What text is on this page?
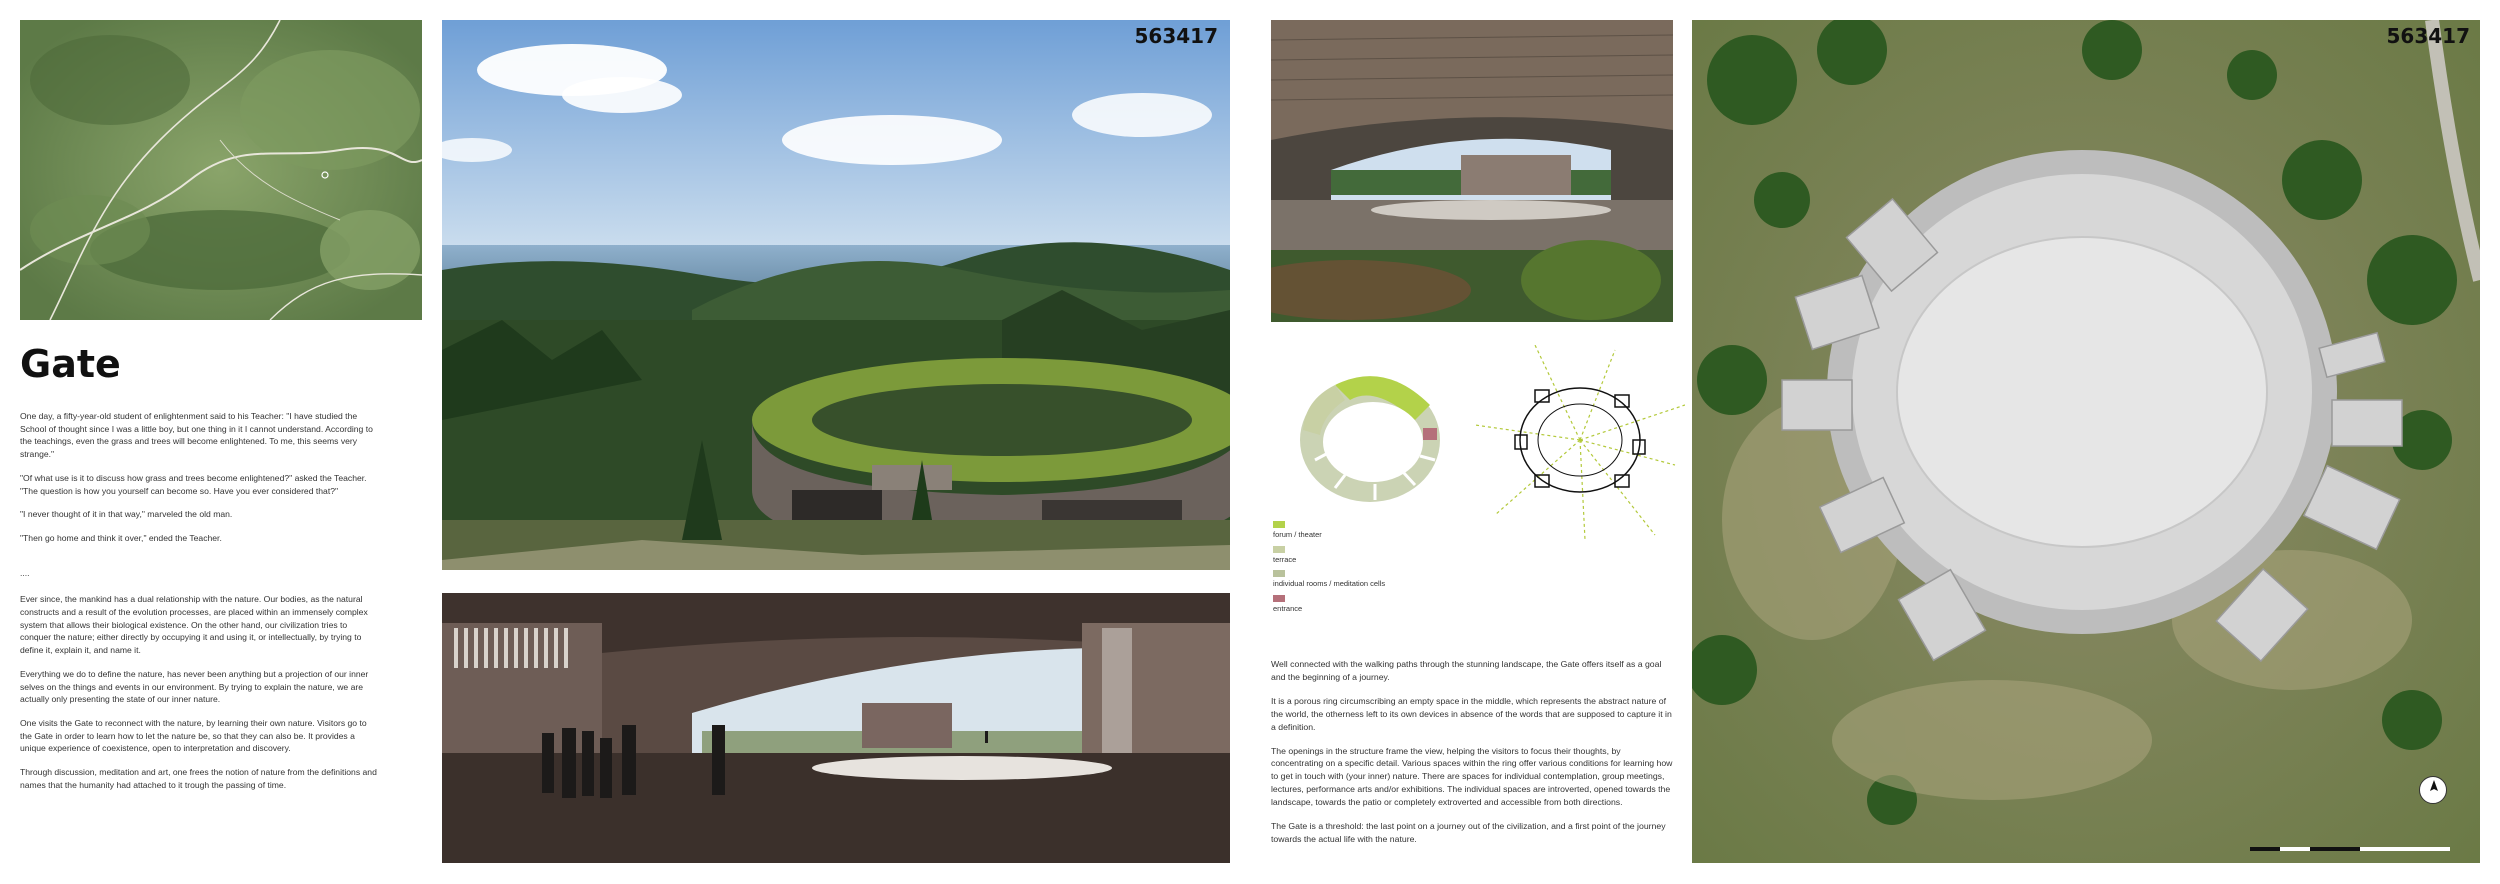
Gate

One day, a fifty-year-old student of enlightenment said to his Teacher: "I have studied the School of thought since I was a little boy, but one thing in it I cannot understand. According to the teachings, even the grass and trees will become enlightened. To me, this seems very strange."

"Of what use is it to discuss how grass and trees become enlightened?" asked the Teacher. "The question is how you yourself can become so. Have you ever considered that?"

"I never thought of it in that way," marveled the old man.

"Then go home and think it over," ended the Teacher.

....

Ever since, the mankind has a dual relationship with the nature. Our bodies, as the natural constructs and a result of the evolution processes, are placed within an immensely complex system that allows their biological existence. On the other hand, our civilization tries to conquer the nature; either directly by occupying it and using it, or intellectually, by trying to define it, explain it, and name it.

Everything we do to define the nature, has never been anything but a projection of our inner selves on the things and events in our environment. By trying to explain the nature, we are actually only presenting the state of our inner nature.

One visits the Gate to reconnect with the nature, by learning their own nature. Visitors go to the Gate in order to learn how to let the nature be, so that they can also be. It provides a unique experience of coexistence, open to interpretation and discovery.

Through discussion, meditation and art, one frees the notion of nature from the definitions and names that the humanity had attached to it trough the passing of time.

563417
forum / theater
terrace
individual rooms / meditation cells
entrance

Well connected with the walking paths through the stunning landscape, the Gate offers itself as a goal and the beginning of a journey.

It is a porous ring circumscribing an empty space in the middle, which represents the abstract nature of the world, the otherness left to its own devices in absence of the words that are supposed to capture it in a definition.

The openings in the structure frame the view, helping the visitors to focus their thoughts, by concentrating on a specific detail. Various spaces within the ring offer various conditions for learning how to get in touch with (your inner) nature. There are spaces for individual contemplation, group meetings, lectures, performance arts and/or exhibitions. The individual spaces are introverted, opened towards the landscape, towards the patio or completely extroverted and accessible from both directions.

The Gate is a threshold: the last point on a journey out of the civilization, and a first point of the journey towards the actual life with the nature.

563417
